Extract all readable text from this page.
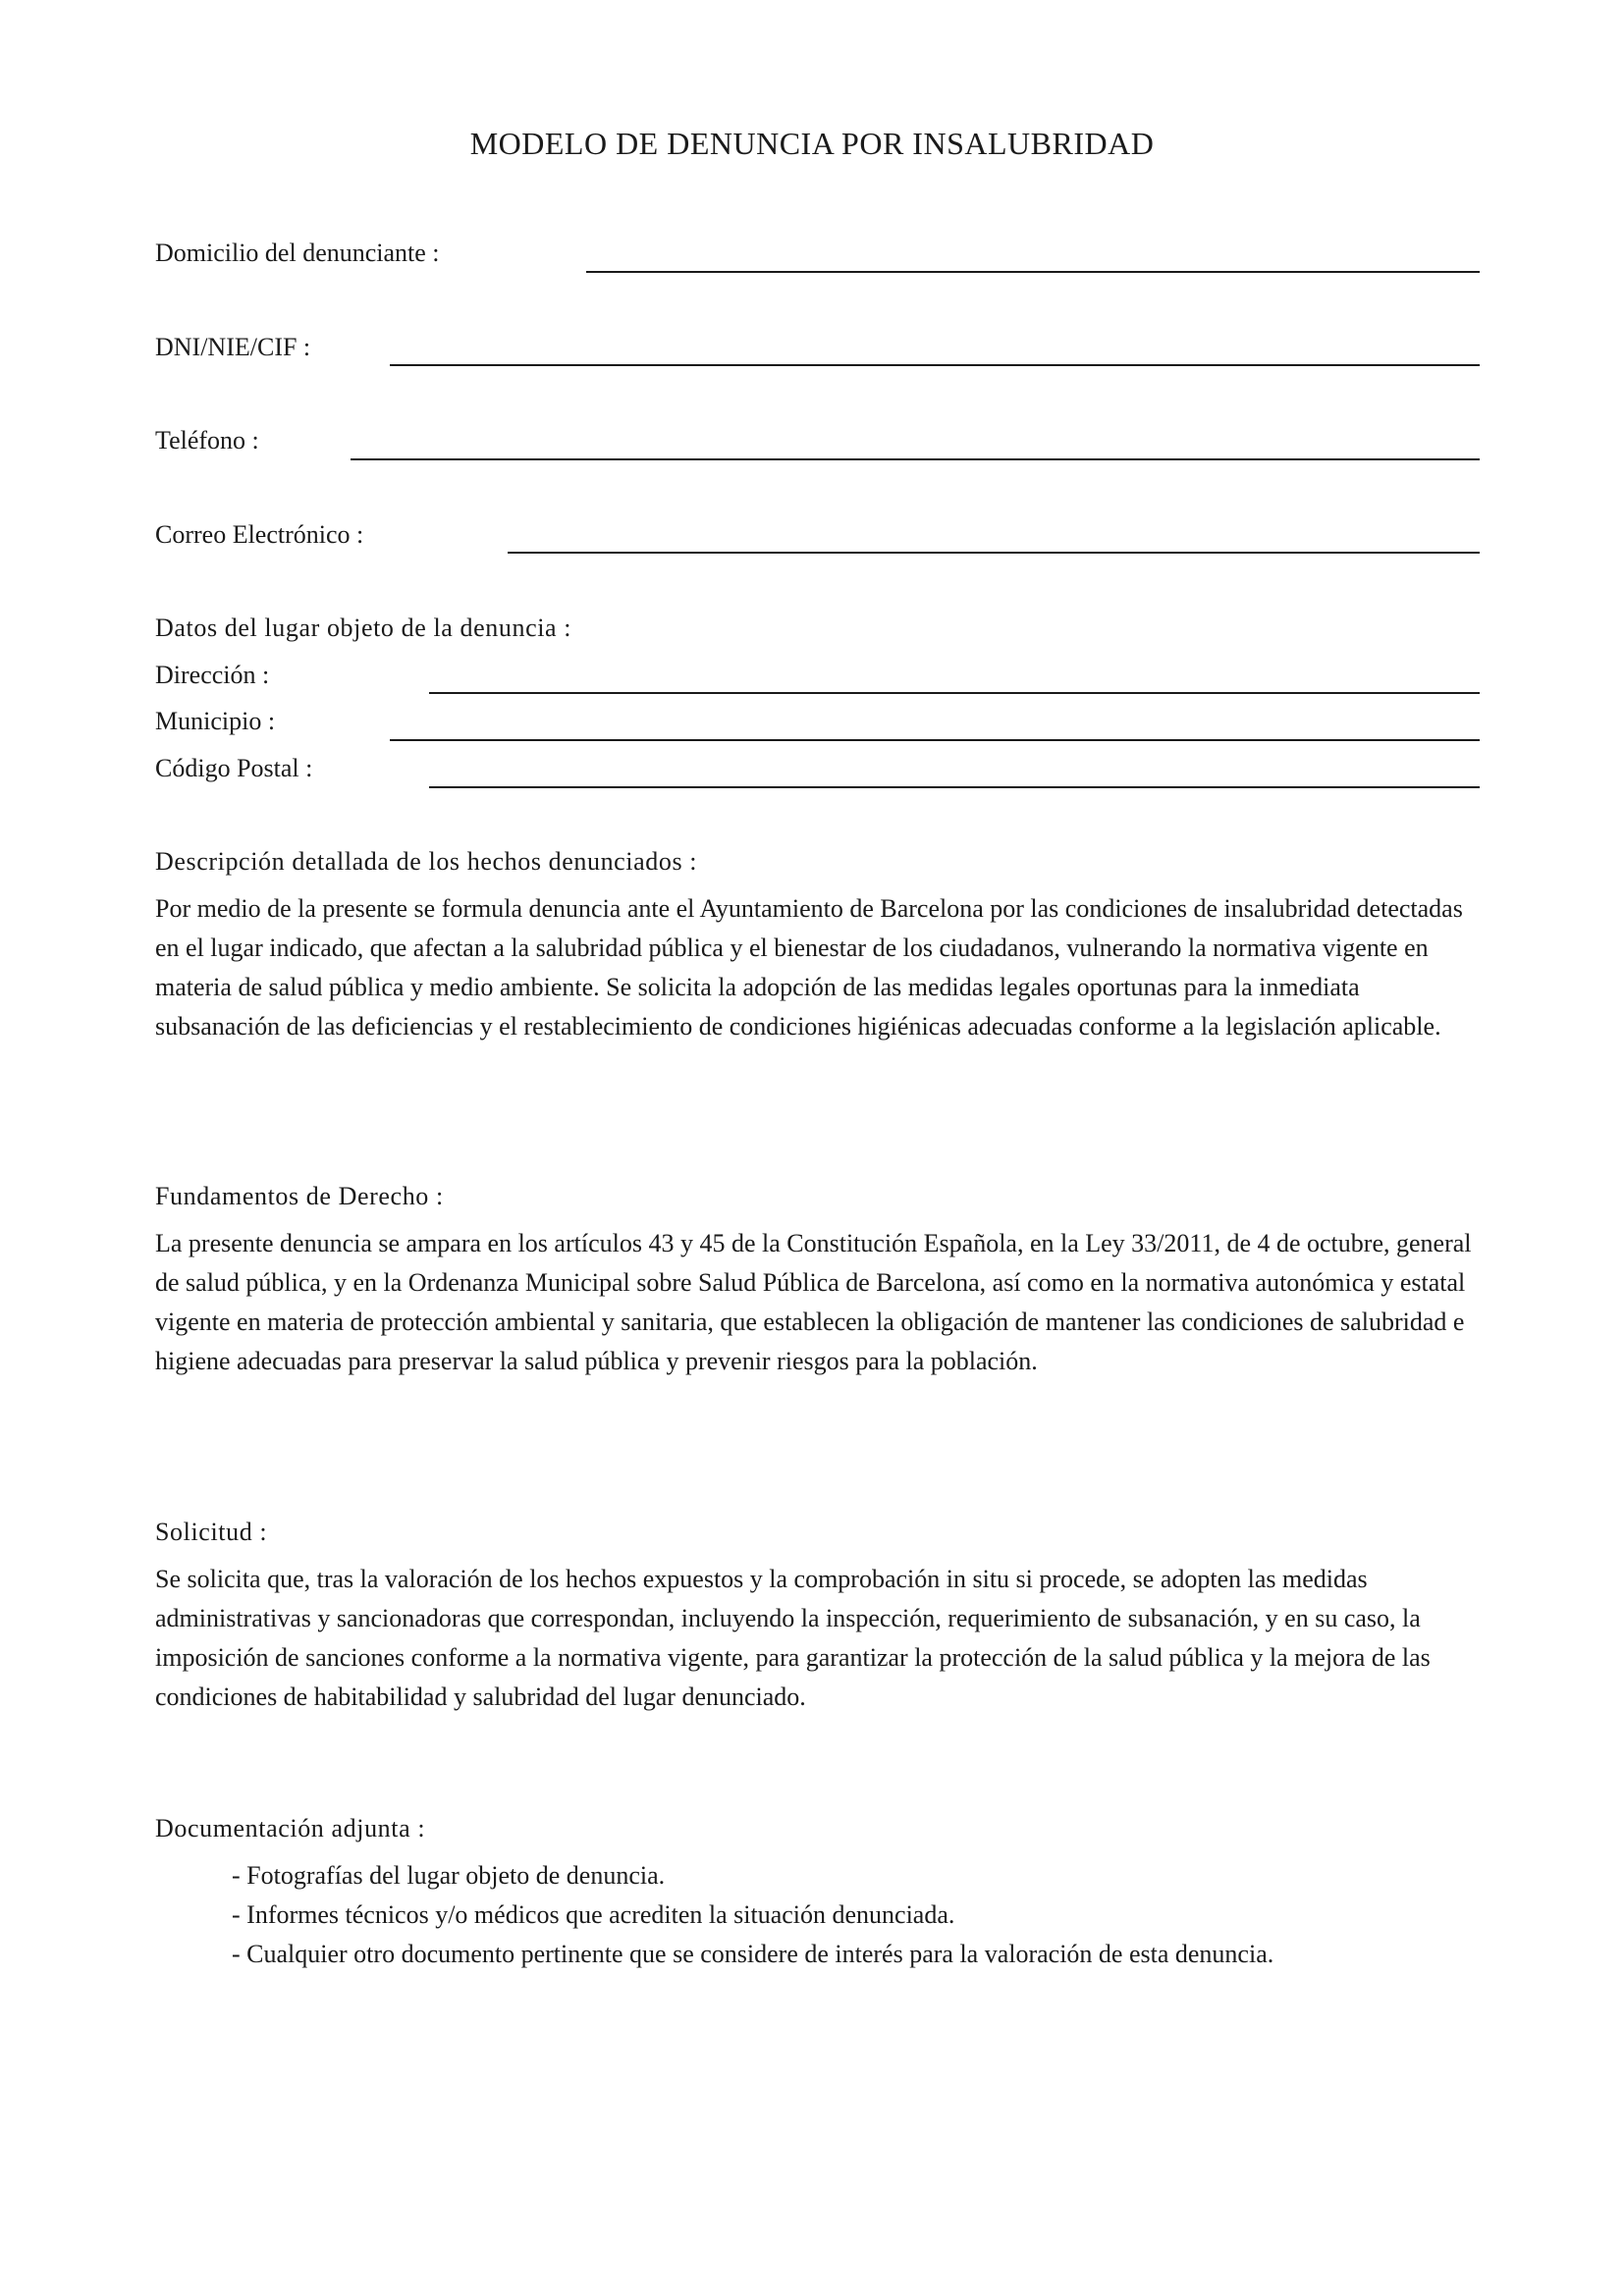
MODELO DE DENUNCIA POR INSALUBRIDAD
Domicilio del denunciante :
DNI/NIE/CIF :
Teléfono :
Correo Electrónico :
Datos del lugar objeto de la denuncia :
Dirección :
Municipio :
Código Postal :
Descripción detallada de los hechos denunciados :

Por medio de la presente se formula denuncia ante el Ayuntamiento de Barcelona por las condiciones de insalubridad detectadas en el lugar indicado, que afectan a la salubridad pública y el bienestar de los ciudadanos, vulnerando la normativa vigente en materia de salud pública y medio ambiente. Se solicita la adopción de las medidas legales oportunas para la inmediata subsanación de las deficiencias y el restablecimiento de condiciones higiénicas adecuadas conforme a la legislación aplicable.

Fundamentos de Derecho :

La presente denuncia se ampara en los artículos 43 y 45 de la Constitución Española, en la Ley 33/2011, de 4 de octubre, general de salud pública, y en la Ordenanza Municipal sobre Salud Pública de Barcelona, así como en la normativa autonómica y estatal vigente en materia de protección ambiental y sanitaria, que establecen la obligación de mantener las condiciones de salubridad e higiene adecuadas para preservar la salud pública y prevenir riesgos para la población.

Solicitud :

Se solicita que, tras la valoración de los hechos expuestos y la comprobación in situ si procede, se adopten las medidas administrativas y sancionadoras que correspondan, incluyendo la inspección, requerimiento de subsanación, y en su caso, la imposición de sanciones conforme a la normativa vigente, para garantizar la protección de la salud pública y la mejora de las condiciones de habitabilidad y salubridad del lugar denunciado.

Documentación adjunta :
- Fotografías del lugar objeto de denuncia.
- Informes técnicos y/o médicos que acrediten la situación denunciada.
- Cualquier otro documento pertinente que se considere de interés para la valoración de esta denuncia.
